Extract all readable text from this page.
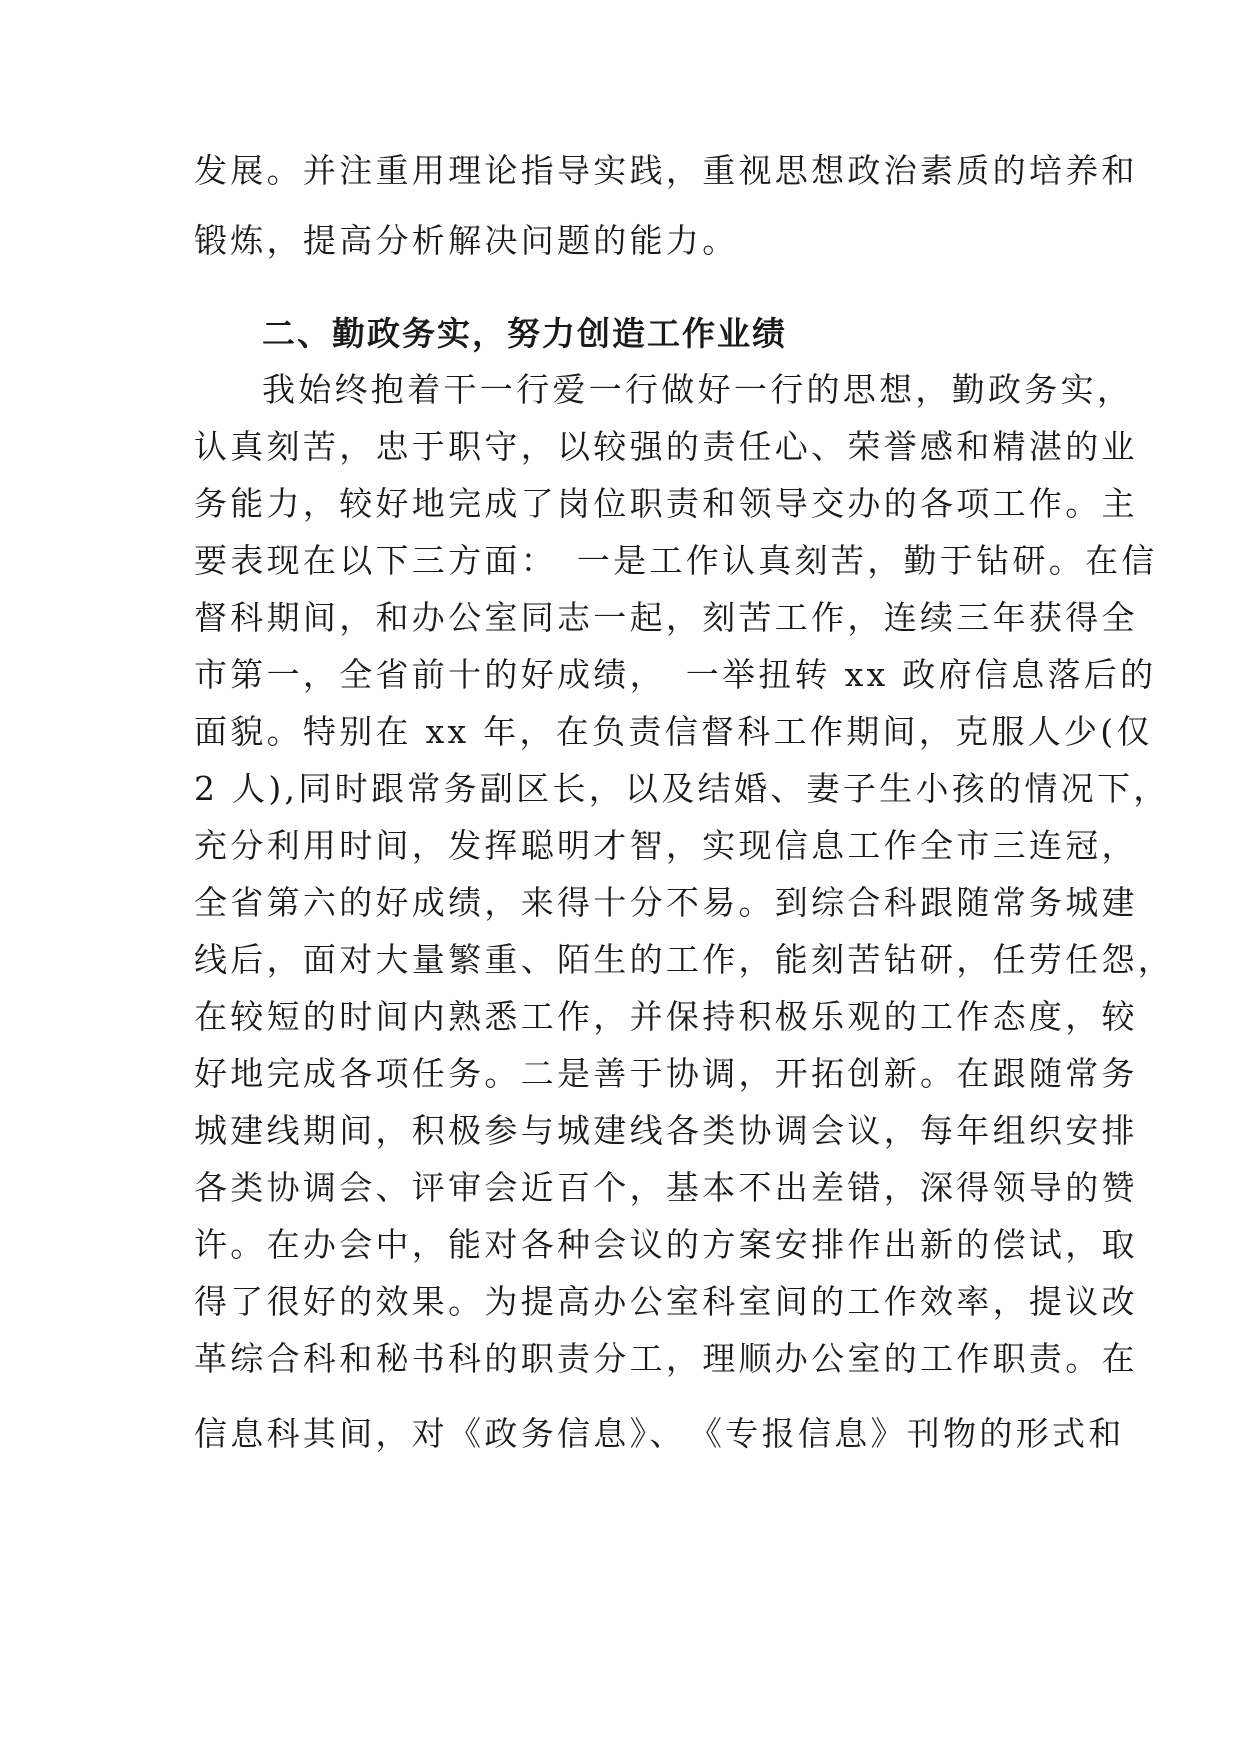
发展。并注重用理论指导实践，重视思想政治素质的培养和
锻炼，提高分析解决问题的能力。
二、勤政务实，努力创造工作业绩
我始终抱着干一行爱一行做好一行的思想，勤政务实，
认真刻苦，忠于职守，以较强的责任心、荣誉感和精湛的业
务能力，较好地完成了岗位职责和领导交办的各项工作。主
要表现在以下三方面：　一是工作认真刻苦，勤于钻研。在信
督科期间，和办公室同志一起，刻苦工作，连续三年获得全
市第一，全省前十的好成绩，　一举扭转 xx 政府信息落后的
面貌。特别在 xx 年，在负责信督科工作期间，克服人少(仅
2 人),同时跟常务副区长，以及结婚、妻子生小孩的情况下，
充分利用时间，发挥聪明才智，实现信息工作全市三连冠，
全省第六的好成绩，来得十分不易。到综合科跟随常务城建
线后，面对大量繁重、陌生的工作，能刻苦钻研，任劳任怨，
在较短的时间内熟悉工作，并保持积极乐观的工作态度，较
好地完成各项任务。二是善于协调，开拓创新。在跟随常务
城建线期间，积极参与城建线各类协调会议，每年组织安排
各类协调会、评审会近百个，基本不出差错，深得领导的赞
许。在办会中，能对各种会议的方案安排作出新的偿试，取
得了很好的效果。为提高办公室科室间的工作效率，提议改
革综合科和秘书科的职责分工，理顺办公室的工作职责。在
信息科其间，对《政务信息》、　《专报信息》刊物的形式和
